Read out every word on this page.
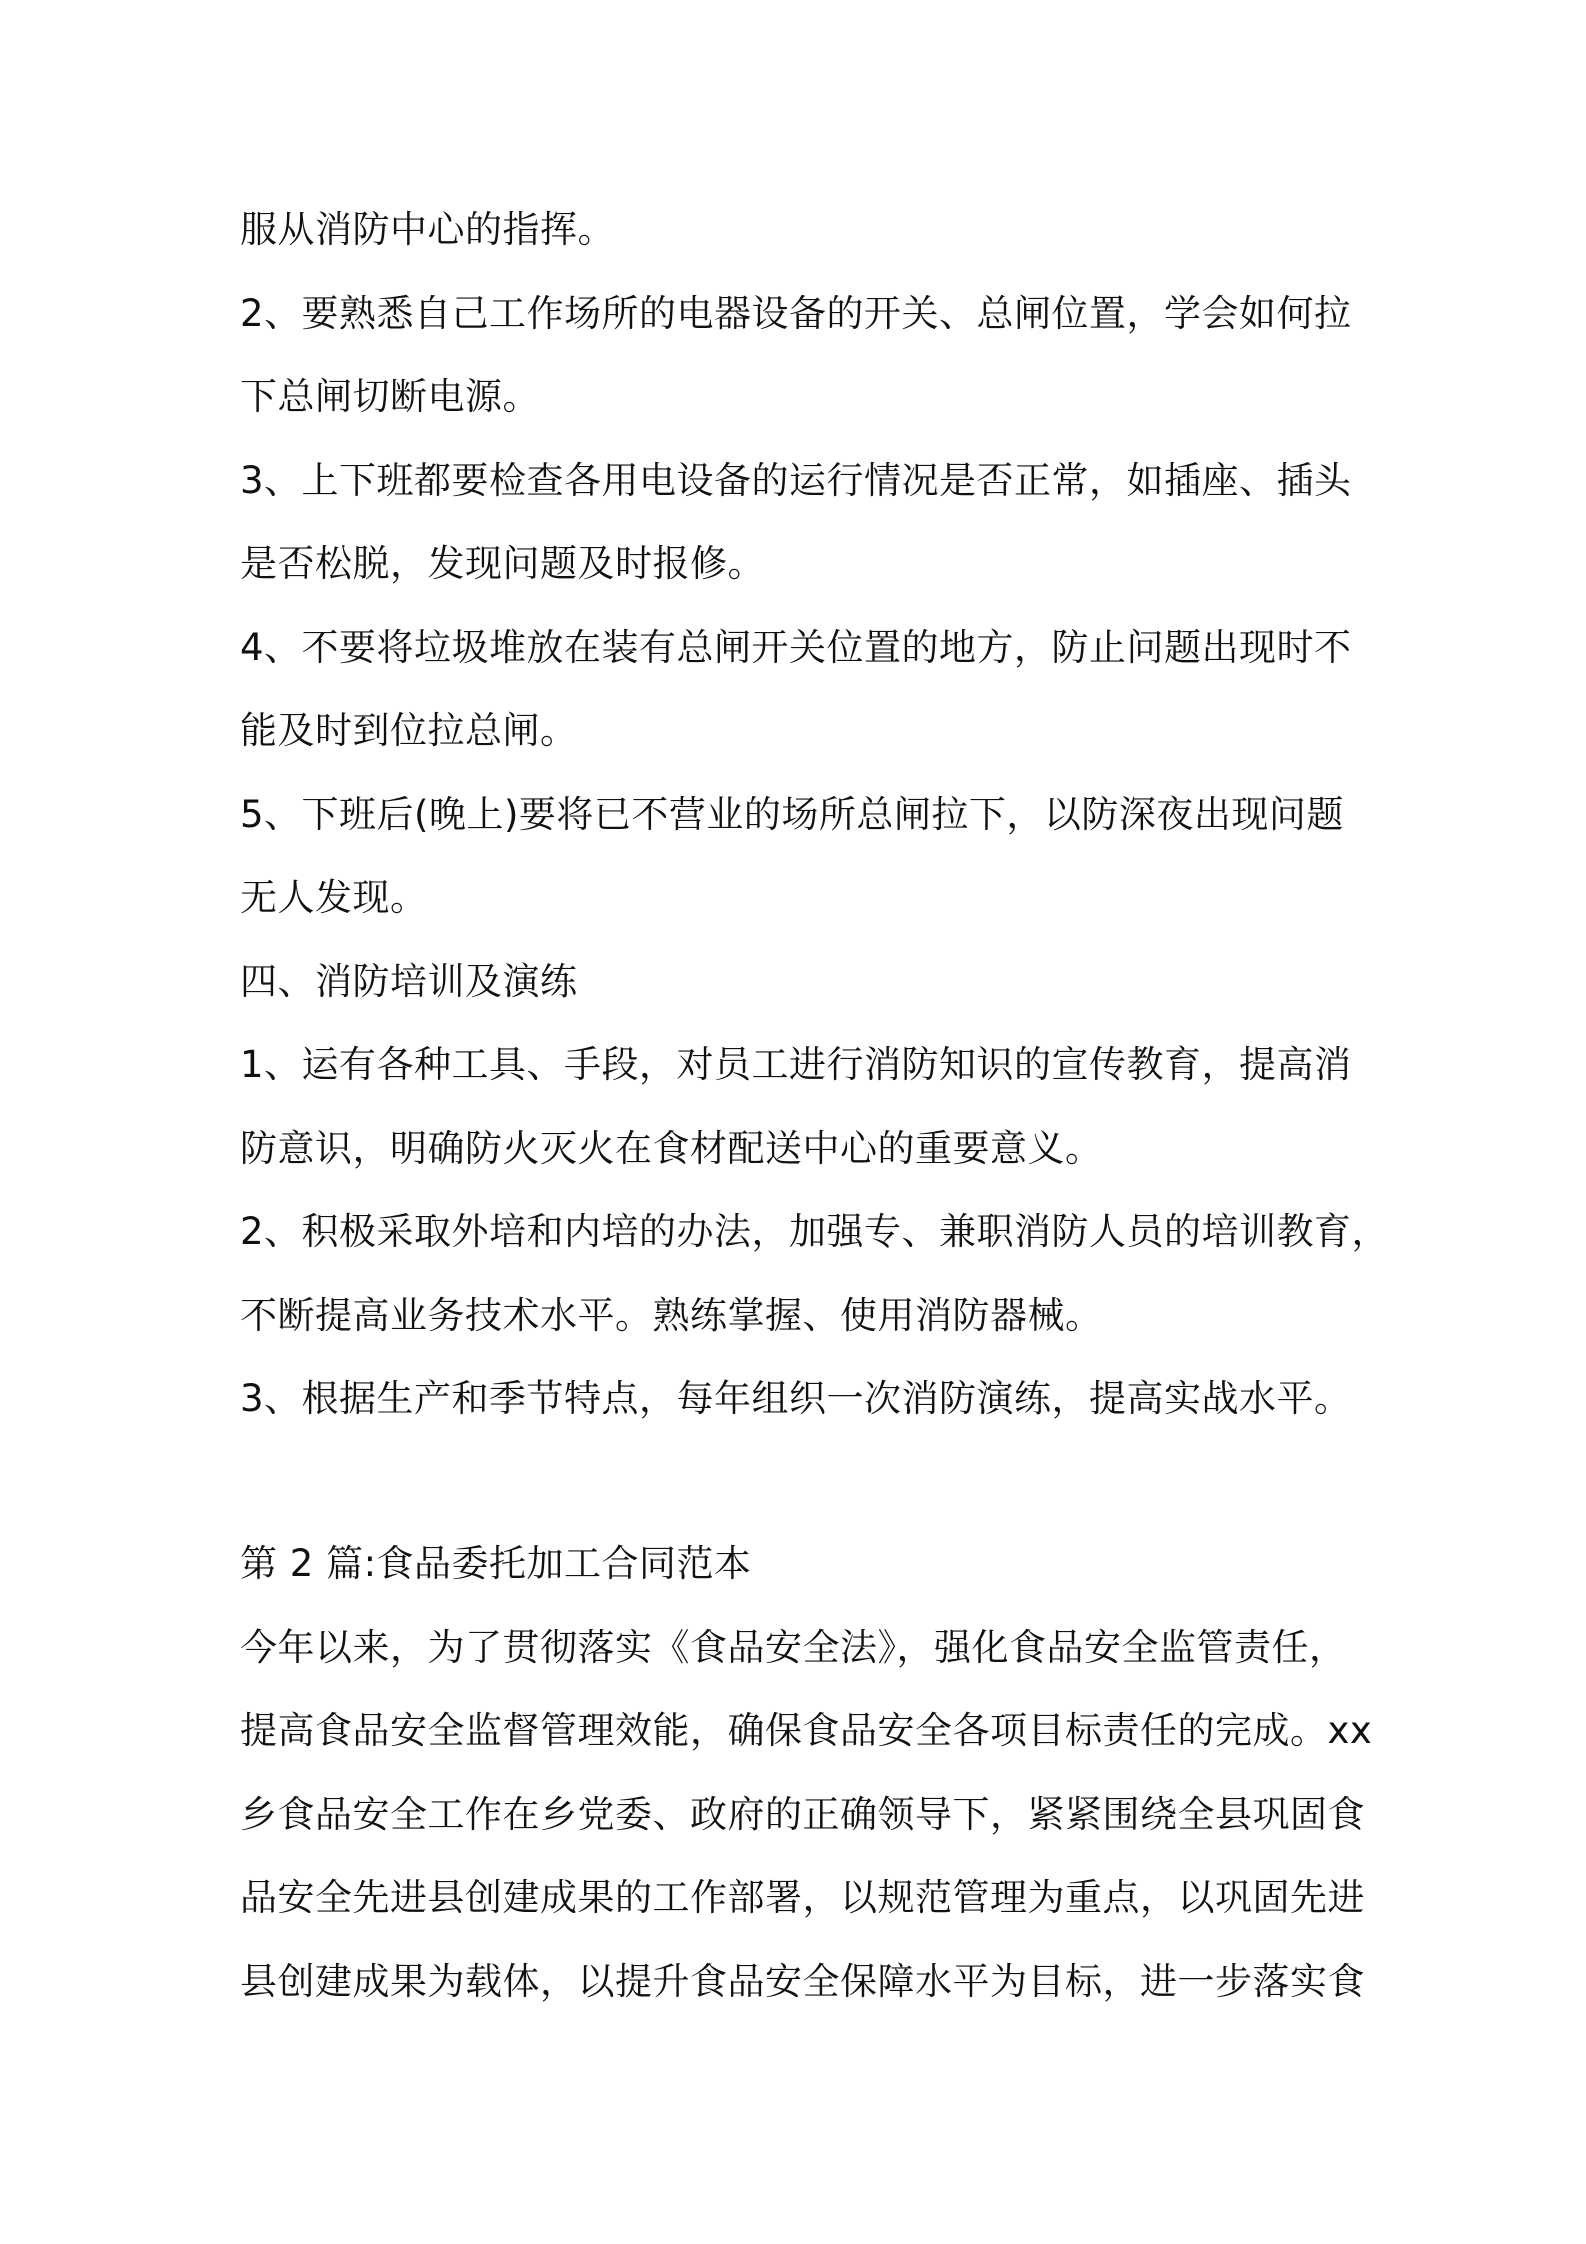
服从消防中心的指挥。
2、要熟悉自己工作场所的电器设备的开关、总闸位置，学会如何拉
下总闸切断电源。
3、上下班都要检查各用电设备的运行情况是否正常，如插座、插头
是否松脱，发现问题及时报修。
4、不要将垃圾堆放在装有总闸开关位置的地方，防止问题出现时不
能及时到位拉总闸。
5、下班后(晚上)要将已不营业的场所总闸拉下，以防深夜出现问题
无人发现。
四、消防培训及演练
1、运有各种工具、手段，对员工进行消防知识的宣传教育，提高消
防意识，明确防火灭火在食材配送中心的重要意义。
2、积极采取外培和内培的办法，加强专、兼职消防人员的培训教育，
不断提高业务技术水平。熟练掌握、使用消防器械。
3、根据生产和季节特点，每年组织一次消防演练，提高实战水平。
第 2 篇:食品委托加工合同范本
今年以来，为了贯彻落实《食品安全法》，强化食品安全监管责任，
提高食品安全监督管理效能，确保食品安全各项目标责任的完成。xx
乡食品安全工作在乡党委、政府的正确领导下，紧紧围绕全县巩固食
品安全先进县创建成果的工作部署，以规范管理为重点，以巩固先进
县创建成果为载体，以提升食品安全保障水平为目标，进一步落实食
